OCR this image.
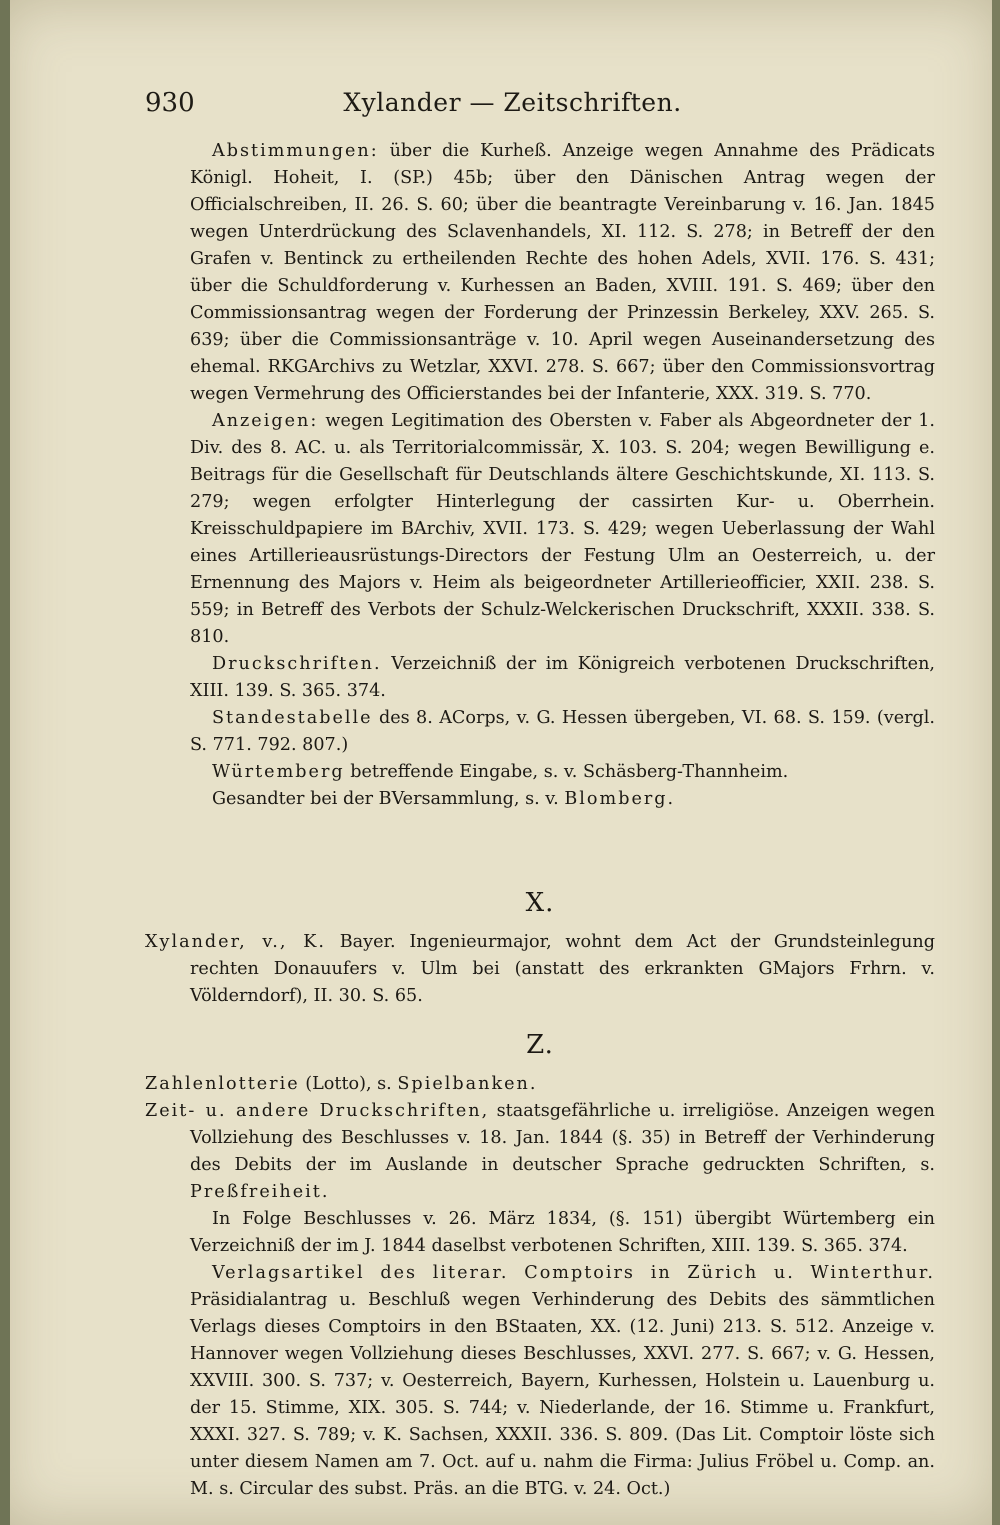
930	Xylander — Zeitschriften.

Abstimmungen: über die Kurheß. Anzeige wegen Annahme des Prädicats Königl. Hoheit, I. (SP.) 45b; über den Dänischen Antrag wegen der Officialschreiben, II. 26. S. 60; über die beantragte Vereinbarung v. 16. Jan. 1845 wegen Unterdrückung des Sclavenhandels, XI. 112. S. 278; in Betreff der den Grafen v. Bentinck zu ertheilenden Rechte des hohen Adels, XVII. 176. S. 431; über die Schuldforderung v. Kurhessen an Baden, XVIII. 191. S. 469; über den Commissionsantrag wegen der Forderung der Prinzessin Berkeley, XXV. 265. S. 639; über die Commissionsanträge v. 10. April wegen Auseinandersetzung des ehemal. RKGArchivs zu Wetzlar, XXVI. 278. S. 667; über den Commissionsvortrag wegen Vermehrung des Officierstandes bei der Infanterie, XXX. 319. S. 770.

Anzeigen: wegen Legitimation des Obersten v. Faber als Abgeordneter der 1. Div. des 8. AC. u. als Territorialcommissär, X. 103. S. 204; wegen Bewilligung e. Beitrags für die Gesellschaft für Deutschlands ältere Geschichtskunde, XI. 113. S. 279; wegen erfolgter Hinterlegung der cassirten Kur- u. Oberrhein. Kreisschuldpapiere im BArchiv, XVII. 173. S. 429; wegen Ueberlassung der Wahl eines Artillerieausrüstungs-Directors der Festung Ulm an Oesterreich, u. der Ernennung des Majors v. Heim als beigeordneter Artillerieofficier, XXII. 238. S. 559; in Betreff des Verbots der Schulz-Welckerischen Druckschrift, XXXII. 338. S. 810.

Druckschriften. Verzeichniß der im Königreich verbotenen Druckschriften, XIII. 139. S. 365. 374.

Standestabelle des 8. ACorps, v. G. Hessen übergeben, VI. 68. S. 159. (vergl. S. 771. 792. 807.)

Würtemberg betreffende Eingabe, s. v. Schäsberg-Thannheim.

Gesandter bei der BVersammlung, s. v. Blomberg.

X.

Xylander, v., K. Bayer. Ingenieurmajor, wohnt dem Act der Grundsteinlegung rechten Donauufers v. Ulm bei (anstatt des erkrankten GMajors Frhrn. v. Völderndorf), II. 30. S. 65.

Z.

Zahlenlotterie (Lotto), s. Spielbanken.

Zeit- u. andere Druckschriften, staatsgefährliche u. irreligiöse. Anzeigen wegen Vollziehung des Beschlusses v. 18. Jan. 1844 (§. 35) in Betreff der Verhinderung des Debits der im Auslande in deutscher Sprache gedruckten Schriften, s. Preßfreiheit.

In Folge Beschlusses v. 26. März 1834, (§. 151) übergibt Würtemberg ein Verzeichniß der im J. 1844 daselbst verbotenen Schriften, XIII. 139. S. 365. 374.

Verlagsartikel des literar. Comptoirs in Zürich u. Winterthur. Präsidialantrag u. Beschluß wegen Verhinderung des Debits des sämmtlichen Verlags dieses Comptoirs in den BStaaten, XX. (12. Juni) 213. S. 512. Anzeige v. Hannover wegen Vollziehung dieses Beschlusses, XXVI. 277. S. 667; v. G. Hessen, XXVIII. 300. S. 737; v. Oesterreich, Bayern, Kurhessen, Holstein u. Lauenburg u. der 15. Stimme, XIX. 305. S. 744; v. Niederlande, der 16. Stimme u. Frankfurt, XXXI. 327. S. 789; v. K. Sachsen, XXXII. 336. S. 809. (Das Lit. Comptoir löste sich unter diesem Namen am 7. Oct. auf u. nahm die Firma: Julius Fröbel u. Comp. an. M. s. Circular des subst. Präs. an die BTG. v. 24. Oct.)
